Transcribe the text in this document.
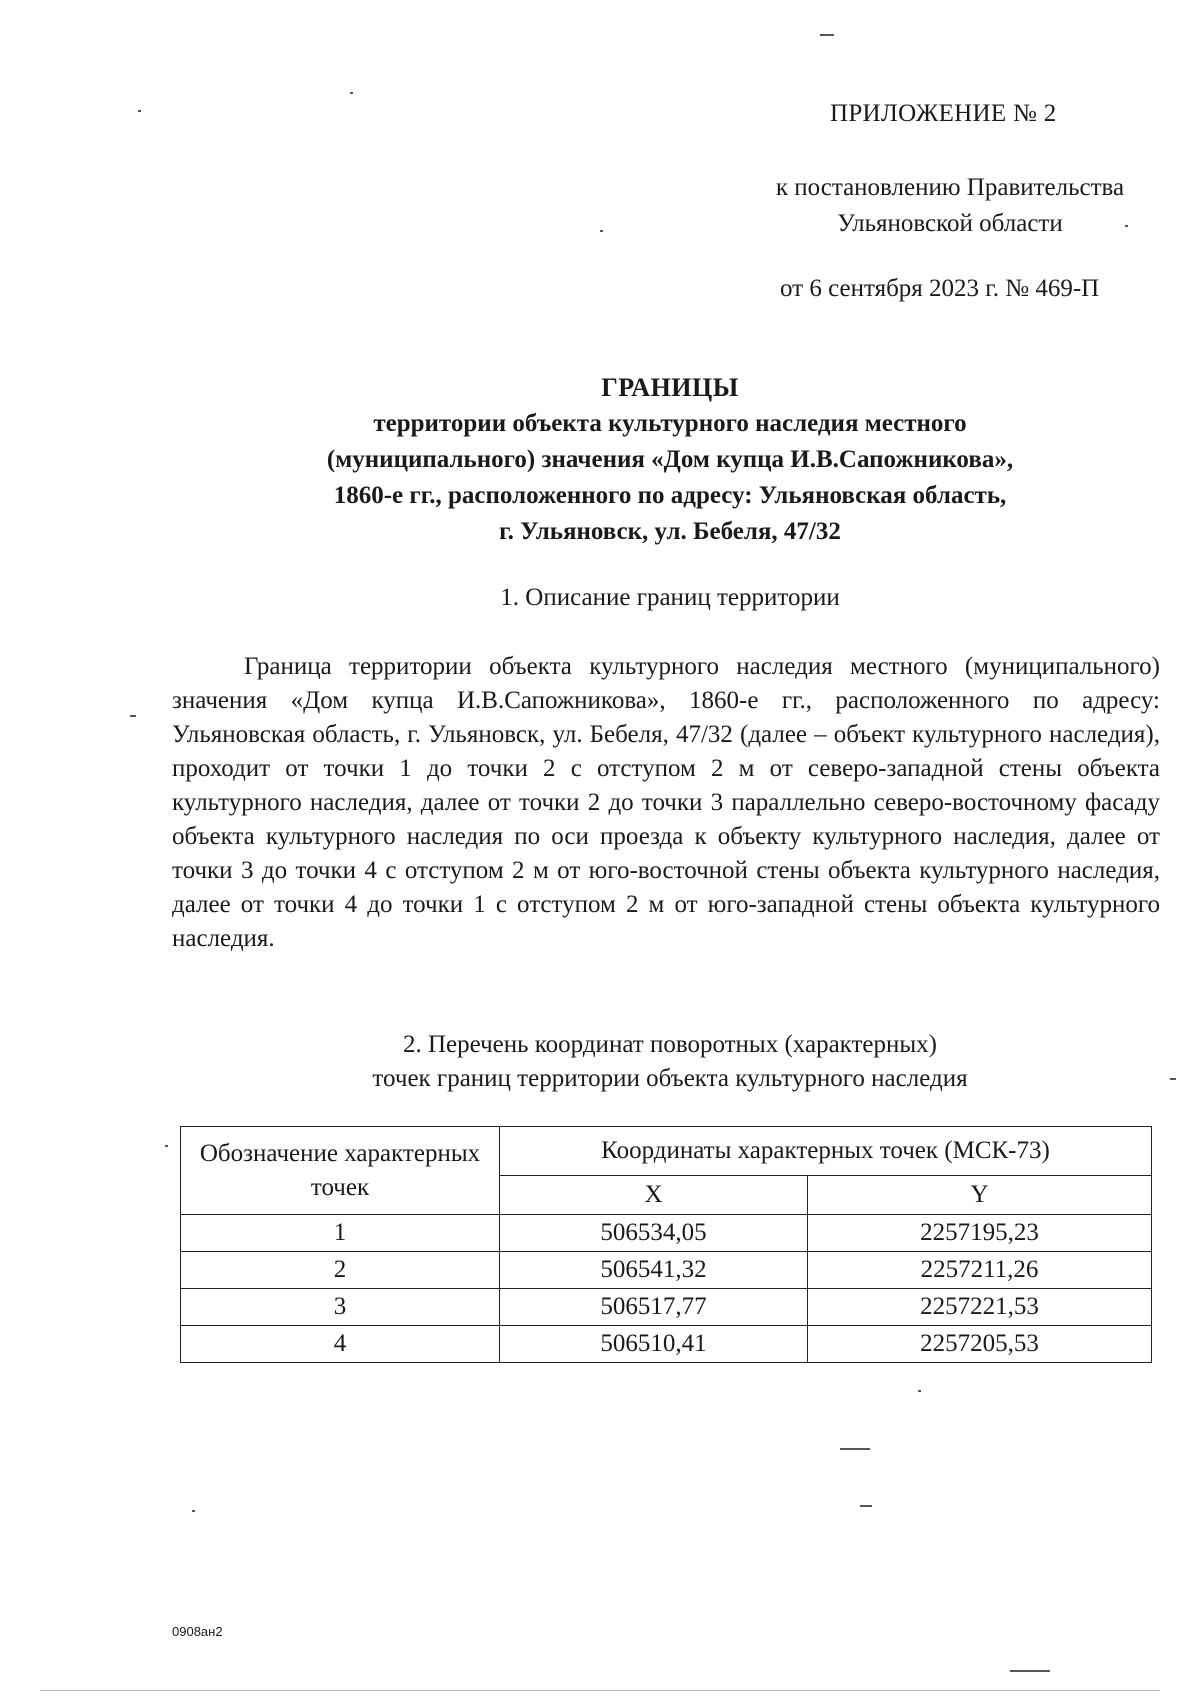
ПРИЛОЖЕНИЕ № 2
к постановлению Правительства
Ульяновской области
от 6 сентября 2023 г. № 469-П
ГРАНИЦЫ
территории объекта культурного наследия местного
(муниципального) значения «Дом купца И.В.Сапожникова»,
1860-е гг., расположенного по адресу: Ульяновская область,
г. Ульяновск, ул. Бебеля, 47/32
1. Описание границ территории
Граница территории объекта культурного наследия местного (муниципального) значения «Дом купца И.В.Сапожникова», 1860-е гг., расположенного по адресу: Ульяновская область, г. Ульяновск, ул. Бебеля, 47/32 (далее – объект культурного наследия), проходит от точки 1 до точки 2 с отступом 2 м от северо-западной стены объекта культурного наследия, далее от точки 2 до точки 3 параллельно северо-восточному фасаду объекта культурного наследия по оси проезда к объекту культурного наследия, далее от точки 3 до точки 4 с отступом 2 м от юго-восточной стены объекта культурного наследия, далее от точки 4 до точки 1 с отступом 2 м от юго-западной стены объекта культурного наследия.
2. Перечень координат поворотных (характерных)
точек границ территории объекта культурного наследия
Обозначение характерных точек	Координаты характерных точек (МСК-73)	
	X	Y
1	506534,05	2257195,23
2	506541,32	2257211,26
3	506517,77	2257221,53
4	506510,41	2257205,53
0908ан2
